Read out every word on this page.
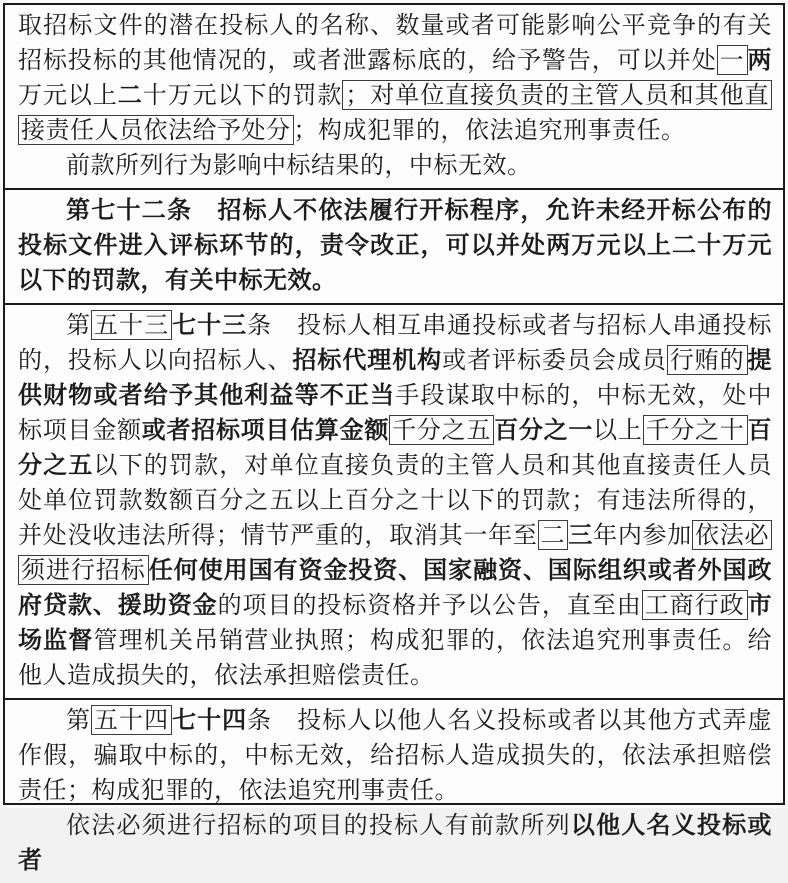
取招标文件的潜在投标人的名称、数量或者可能影响公平竞争的有关招标投标的其他情况的，或者泄露标底的，给予警告，可以并处 一 两万元以上二十万元以下的罚款 ；对单位直接负责的主管人员和其他直接责任人员依法给予处分 ；构成犯罪的，依法追究刑事责任。

前款所列行为影响中标结果的，中标无效。

第七十二条　招标人不依法履行开标程序，允许未经开标公布的投标文件进入评标环节的，责令改正，可以并处两万元以上二十万元以下的罚款，有关中标无效。

第 五十三 七十三条　投标人相互串通投标或者与招标人串通投标的，投标人以向招标人、招标代理机构或者评标委员会成员 行贿的 提供财物或者给予其他利益等不正当手段谋取中标的，中标无效，处中标项目金额或者招标项目估算金额 千分之五 百分之一以上 千分之十 百分之五以下的罚款，对单位直接负责的主管人员和其他直接责任人员处单位罚款数额百分之五以上百分之十以下的罚款；有违法所得的，并处没收违法所得；情节严重的，取消其一年至 二 三年内参加 依法必须进行招标 任何使用国有资金投资、国家融资、国际组织或者外国政府贷款、援助资金的项目的投标资格并予以公告，直至由 工商行政 市场监督管理机关吊销营业执照；构成犯罪的，依法追究刑事责任。给他人造成损失的，依法承担赔偿责任。

第 五十四 七十四条　投标人以他人名义投标或者以其他方式弄虚作假，骗取中标的，中标无效，给招标人造成损失的，依法承担赔偿责任；构成犯罪的，依法追究刑事责任。

依法必须进行招标的项目的投标人有前款所列以他人名义投标或者
